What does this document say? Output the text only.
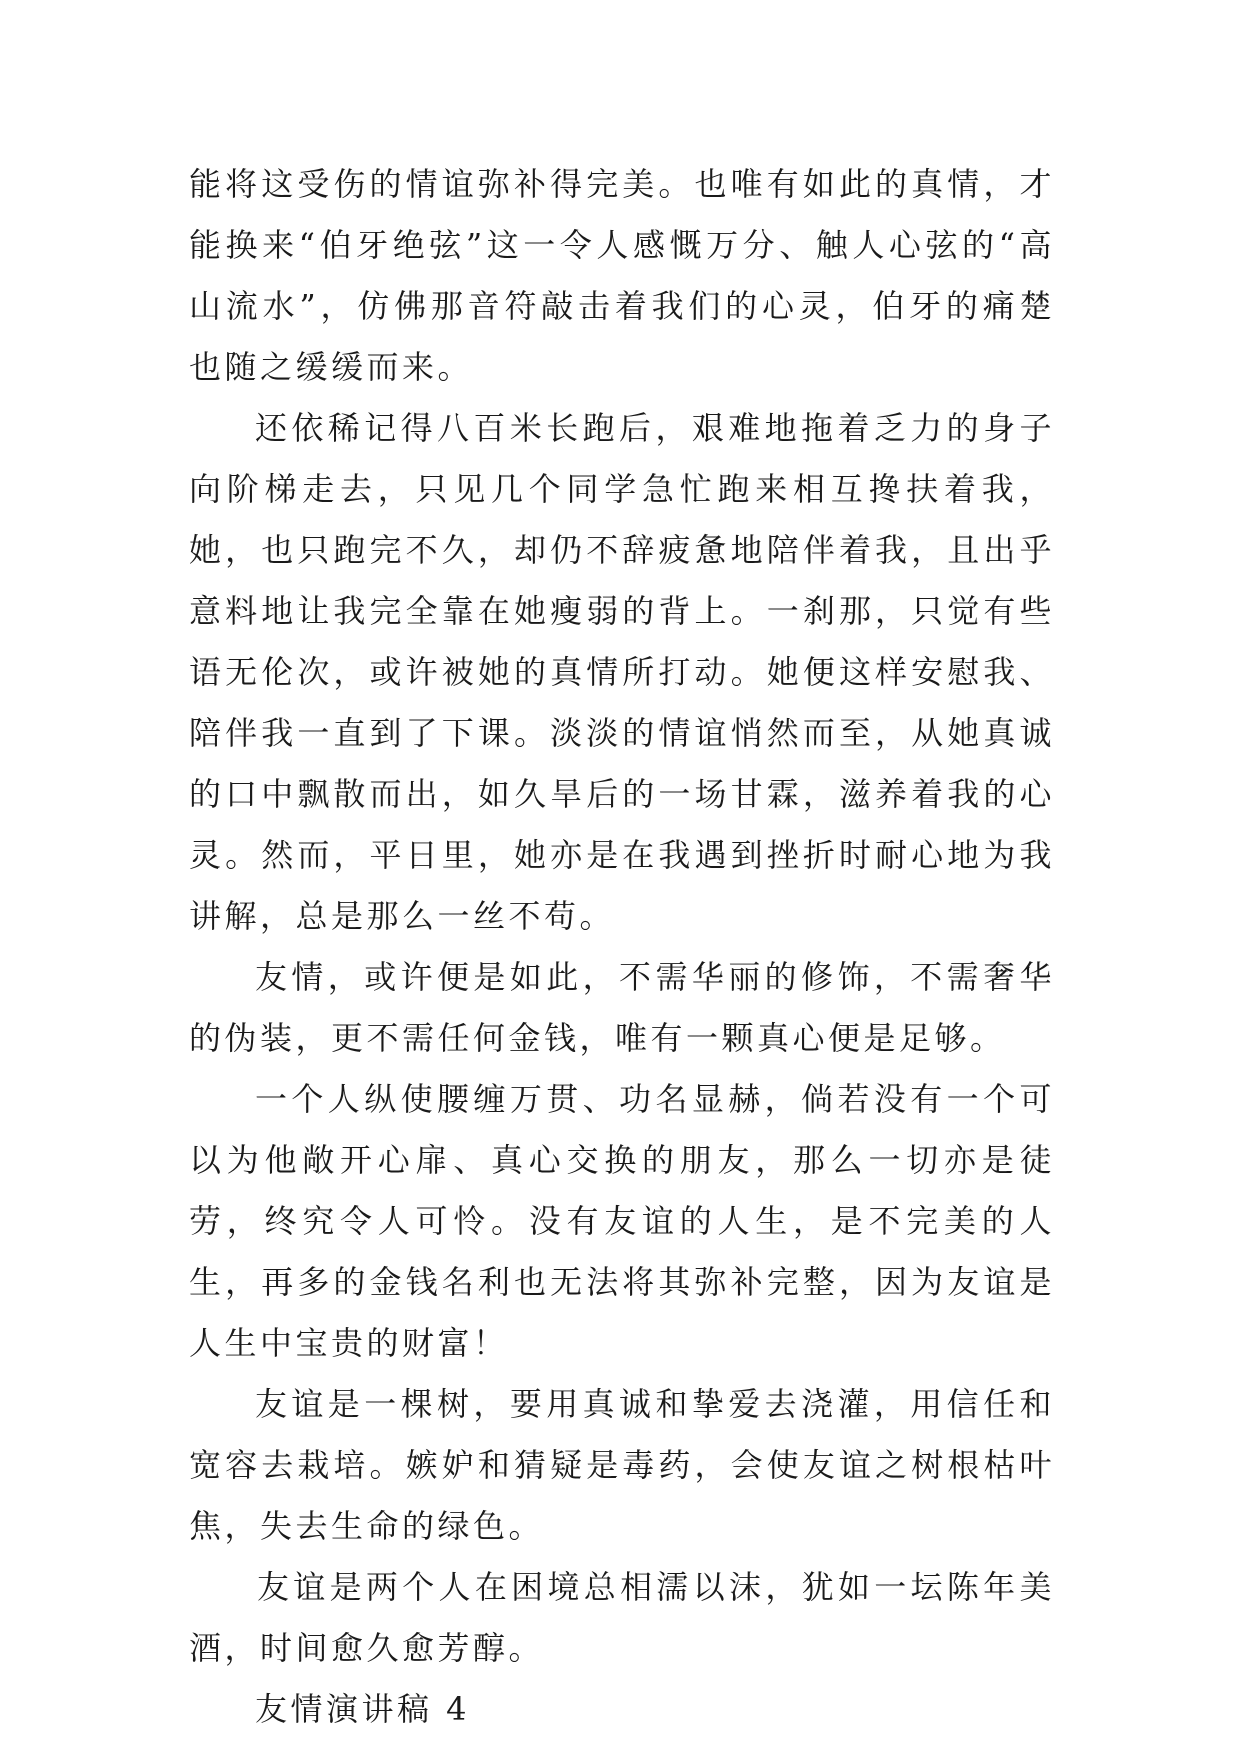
能将这受伤的情谊弥补得完美。也唯有如此的真情，才能换来“伯牙绝弦”这一令人感慨万分、触人心弦的“高山流水”，仿佛那音符敲击着我们的心灵，伯牙的痛楚也随之缓缓而来。

还依稀记得八百米长跑后，艰难地拖着乏力的身子向阶梯走去，只见几个同学急忙跑来相互搀扶着我，她，也只跑完不久，却仍不辞疲惫地陪伴着我，且出乎意料地让我完全靠在她瘦弱的背上。一刹那，只觉有些语无伦次，或许被她的真情所打动。她便这样安慰我、陪伴我一直到了下课。淡淡的情谊悄然而至，从她真诚的口中飘散而出，如久旱后的一场甘霖，滋养着我的心灵。然而，平日里，她亦是在我遇到挫折时耐心地为我讲解，总是那么一丝不苟。

友情，或许便是如此，不需华丽的修饰，不需奢华的伪装，更不需任何金钱，唯有一颗真心便是足够。

一个人纵使腰缠万贯、功名显赫，倘若没有一个可以为他敞开心扉、真心交换的朋友，那么一切亦是徒劳，终究令人可怜。没有友谊的人生，是不完美的人生，再多的金钱名利也无法将其弥补完整，因为友谊是人生中宝贵的财富！

友谊是一棵树，要用真诚和挚爱去浇灌，用信任和宽容去栽培。嫉妒和猜疑是毒药，会使友谊之树根枯叶焦，失去生命的绿色。

友谊是两个人在困境总相濡以沫，犹如一坛陈年美酒，时间愈久愈芳醇。

友情演讲稿 4
